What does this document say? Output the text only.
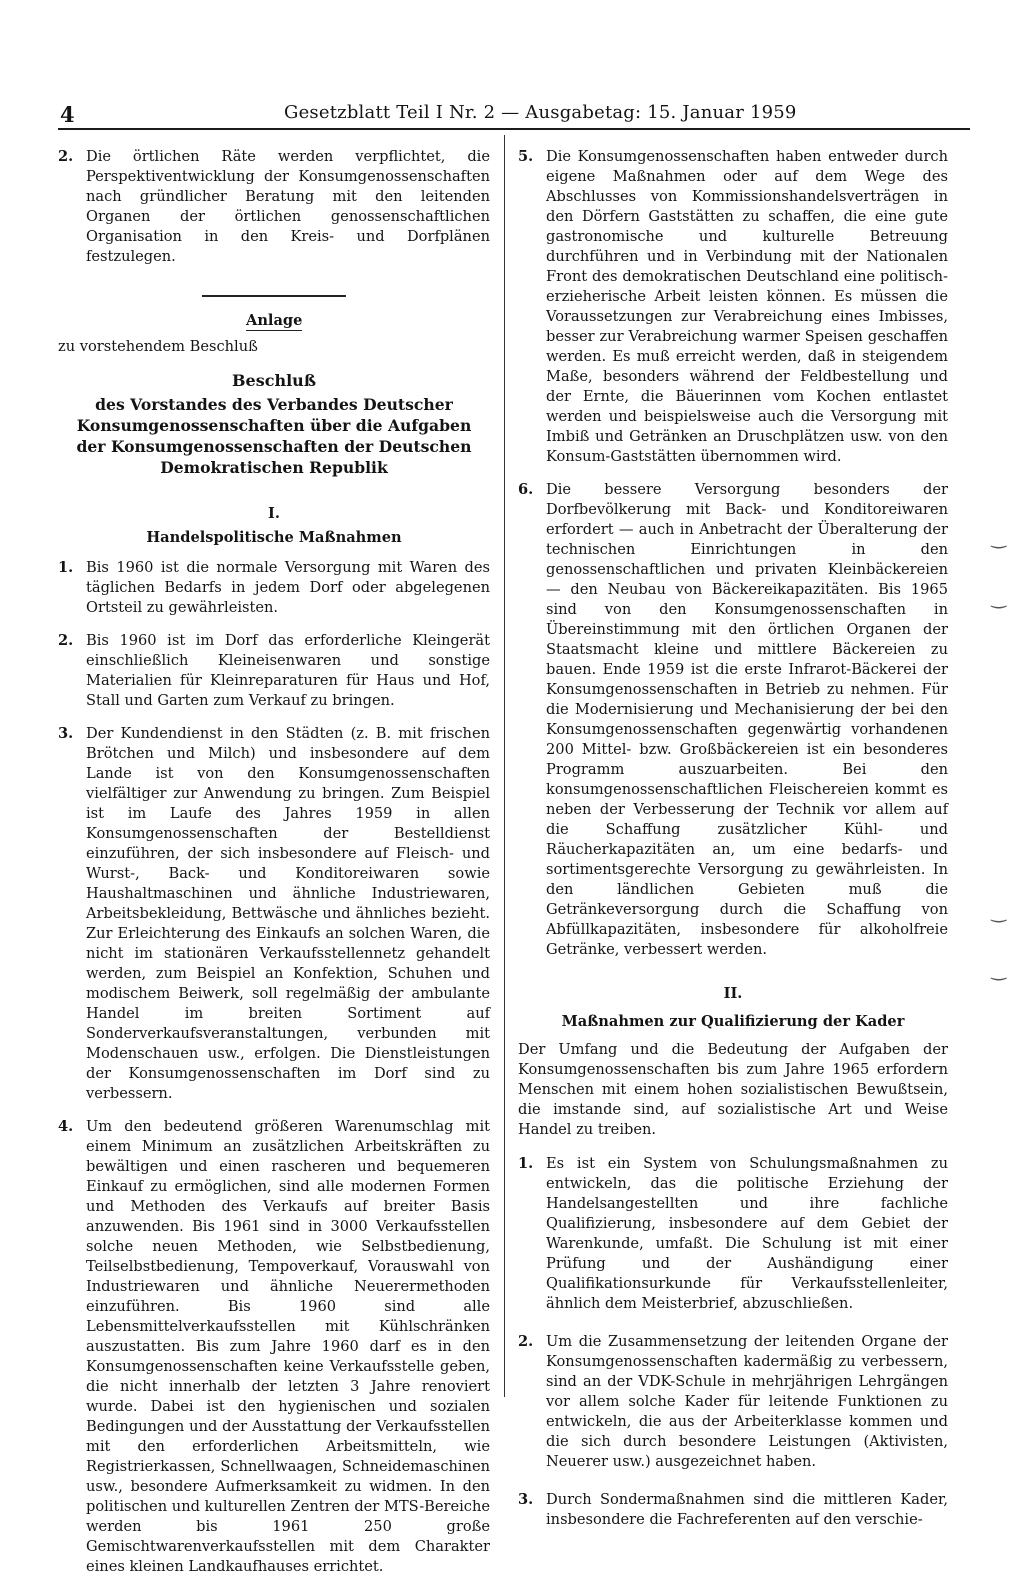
4	Gesetzblatt Teil I Nr. 2 — Ausgabetag: 15. Januar 1959
2. Die örtlichen Räte werden verpflichtet, die Perspektiventwicklung der Konsumgenossenschaften nach gründlicher Beratung mit den leitenden Organen der örtlichen genossenschaftlichen Organisation in den Kreis- und Dorfplänen festzulegen.
Anlage
zu vorstehendem Beschluß
Beschluß
des Vorstandes des Verbandes Deutscher Konsumgenossenschaften über die Aufgaben der Konsumgenossenschaften der Deutschen Demokratischen Republik
I.
Handelspolitische Maßnahmen
1. Bis 1960 ist die normale Versorgung mit Waren des täglichen Bedarfs in jedem Dorf oder abgelegenen Ortsteil zu gewährleisten.
2. Bis 1960 ist im Dorf das erforderliche Kleingerät einschließlich Kleineisenwaren und sonstige Materialien für Kleinreparaturen für Haus und Hof, Stall und Garten zum Verkauf zu bringen.
3. Der Kundendienst in den Städten (z. B. mit frischen Brötchen und Milch) und insbesondere auf dem Lande ist von den Konsumgenossenschaften vielfältiger zur Anwendung zu bringen. Zum Beispiel ist im Laufe des Jahres 1959 in allen Konsumgenossenschaften der Bestelldienst einzuführen, der sich insbesondere auf Fleisch- und Wurst-, Back- und Konditoreiwaren sowie Haushaltmaschinen und ähnliche Industriewaren, Arbeitsbekleidung, Bettwäsche und ähnliches bezieht. Zur Erleichterung des Einkaufs an solchen Waren, die nicht im stationären Verkaufsstellennetz gehandelt werden, zum Beispiel an Konfektion, Schuhen und modischem Beiwerk, soll regelmäßig der ambulante Handel im breiten Sortiment auf Sonderverkaufsveranstaltungen, verbunden mit Modenschauen usw., erfolgen. Die Dienstleistungen der Konsumgenossenschaften im Dorf sind zu verbessern.
4. Um den bedeutend größeren Warenumschlag mit einem Minimum an zusätzlichen Arbeitskräften zu bewältigen und einen rascheren und bequemeren Einkauf zu ermöglichen, sind alle modernen Formen und Methoden des Verkaufs auf breiter Basis anzuwenden. Bis 1961 sind in 3000 Verkaufsstellen solche neuen Methoden, wie Selbstbedienung, Teilselbstbedienung, Tempoverkauf, Vorauswahl von Industriewaren und ähnliche Neuerermethoden einzuführen. Bis 1960 sind alle Lebensmittelverkaufsstellen mit Kühlschränken auszustatten. Bis zum Jahre 1960 darf es in den Konsumgenossenschaften keine Verkaufsstelle geben, die nicht innerhalb der letzten 3 Jahre renoviert wurde. Dabei ist den hygienischen und sozialen Bedingungen und der Ausstattung der Verkaufsstellen mit den erforderlichen Arbeitsmitteln, wie Registrierkassen, Schnellwaagen, Schneidemaschinen usw., besondere Aufmerksamkeit zu widmen. In den politischen und kulturellen Zentren der MTS-Bereiche werden bis 1961 250 große Gemischtwarenverkaufsstellen mit dem Charakter eines kleinen Landkaufhauses errichtet.
5. Die Konsumgenossenschaften haben entweder durch eigene Maßnahmen oder auf dem Wege des Abschlusses von Kommissionshandelsverträgen in den Dörfern Gaststätten zu schaffen, die eine gute gastronomische und kulturelle Betreuung durchführen und in Verbindung mit der Nationalen Front des demokratischen Deutschland eine politisch-erzieherische Arbeit leisten können. Es müssen die Voraussetzungen zur Verabreichung eines Imbisses, besser zur Verabreichung warmer Speisen geschaffen werden. Es muß erreicht werden, daß in steigendem Maße, besonders während der Feldbestellung und der Ernte, die Bäuerinnen vom Kochen entlastet werden und beispielsweise auch die Versorgung mit Imbiß und Getränken an Druschplätzen usw. von den Konsum-Gaststätten übernommen wird.
6. Die bessere Versorgung besonders der Dorfbevölkerung mit Back- und Konditoreiwaren erfordert — auch in Anbetracht der Überalterung der technischen Einrichtungen in den genossenschaftlichen und privaten Kleinbäckereien — den Neubau von Bäckereikapazitäten. Bis 1965 sind von den Konsumgenossenschaften in Übereinstimmung mit den örtlichen Organen der Staatsmacht kleine und mittlere Bäckereien zu bauen. Ende 1959 ist die erste Infrarot-Bäckerei der Konsumgenossenschaften in Betrieb zu nehmen. Für die Modernisierung und Mechanisierung der bei den Konsumgenossenschaften gegenwärtig vorhandenen 200 Mittel- bzw. Großbäckereien ist ein besonderes Programm auszuarbeiten. Bei den konsumgenossenschaftlichen Fleischereien kommt es neben der Verbesserung der Technik vor allem auf die Schaffung zusätzlicher Kühl- und Räucherkapazitäten an, um eine bedarfs- und sortimentsgerechte Versorgung zu gewährleisten. In den ländlichen Gebieten muß die Getränkeversorgung durch die Schaffung von Abfüllkapazitäten, insbesondere für alkoholfreie Getränke, verbessert werden.
II.
Maßnahmen zur Qualifizierung der Kader
Der Umfang und die Bedeutung der Aufgaben der Konsumgenossenschaften bis zum Jahre 1965 erfordern Menschen mit einem hohen sozialistischen Bewußtsein, die imstande sind, auf sozialistische Art und Weise Handel zu treiben.
1. Es ist ein System von Schulungsmaßnahmen zu entwickeln, das die politische Erziehung der Handelsangestellten und ihre fachliche Qualifizierung, insbesondere auf dem Gebiet der Warenkunde, umfaßt. Die Schulung ist mit einer Prüfung und der Aushändigung einer Qualifikationsurkunde für Verkaufsstellenleiter, ähnlich dem Meisterbrief, abzuschließen.
2. Um die Zusammensetzung der leitenden Organe der Konsumgenossenschaften kadermäßig zu verbessern, sind an der VDK-Schule in mehrjährigen Lehrgängen vor allem solche Kader für leitende Funktionen zu entwickeln, die aus der Arbeiterklasse kommen und die sich durch besondere Leistungen (Aktivisten, Neuerer usw.) ausgezeichnet haben.
3. Durch Sondermaßnahmen sind die mittleren Kader, insbesondere die Fachreferenten auf den verschie-
‿
‿
‿
‿
